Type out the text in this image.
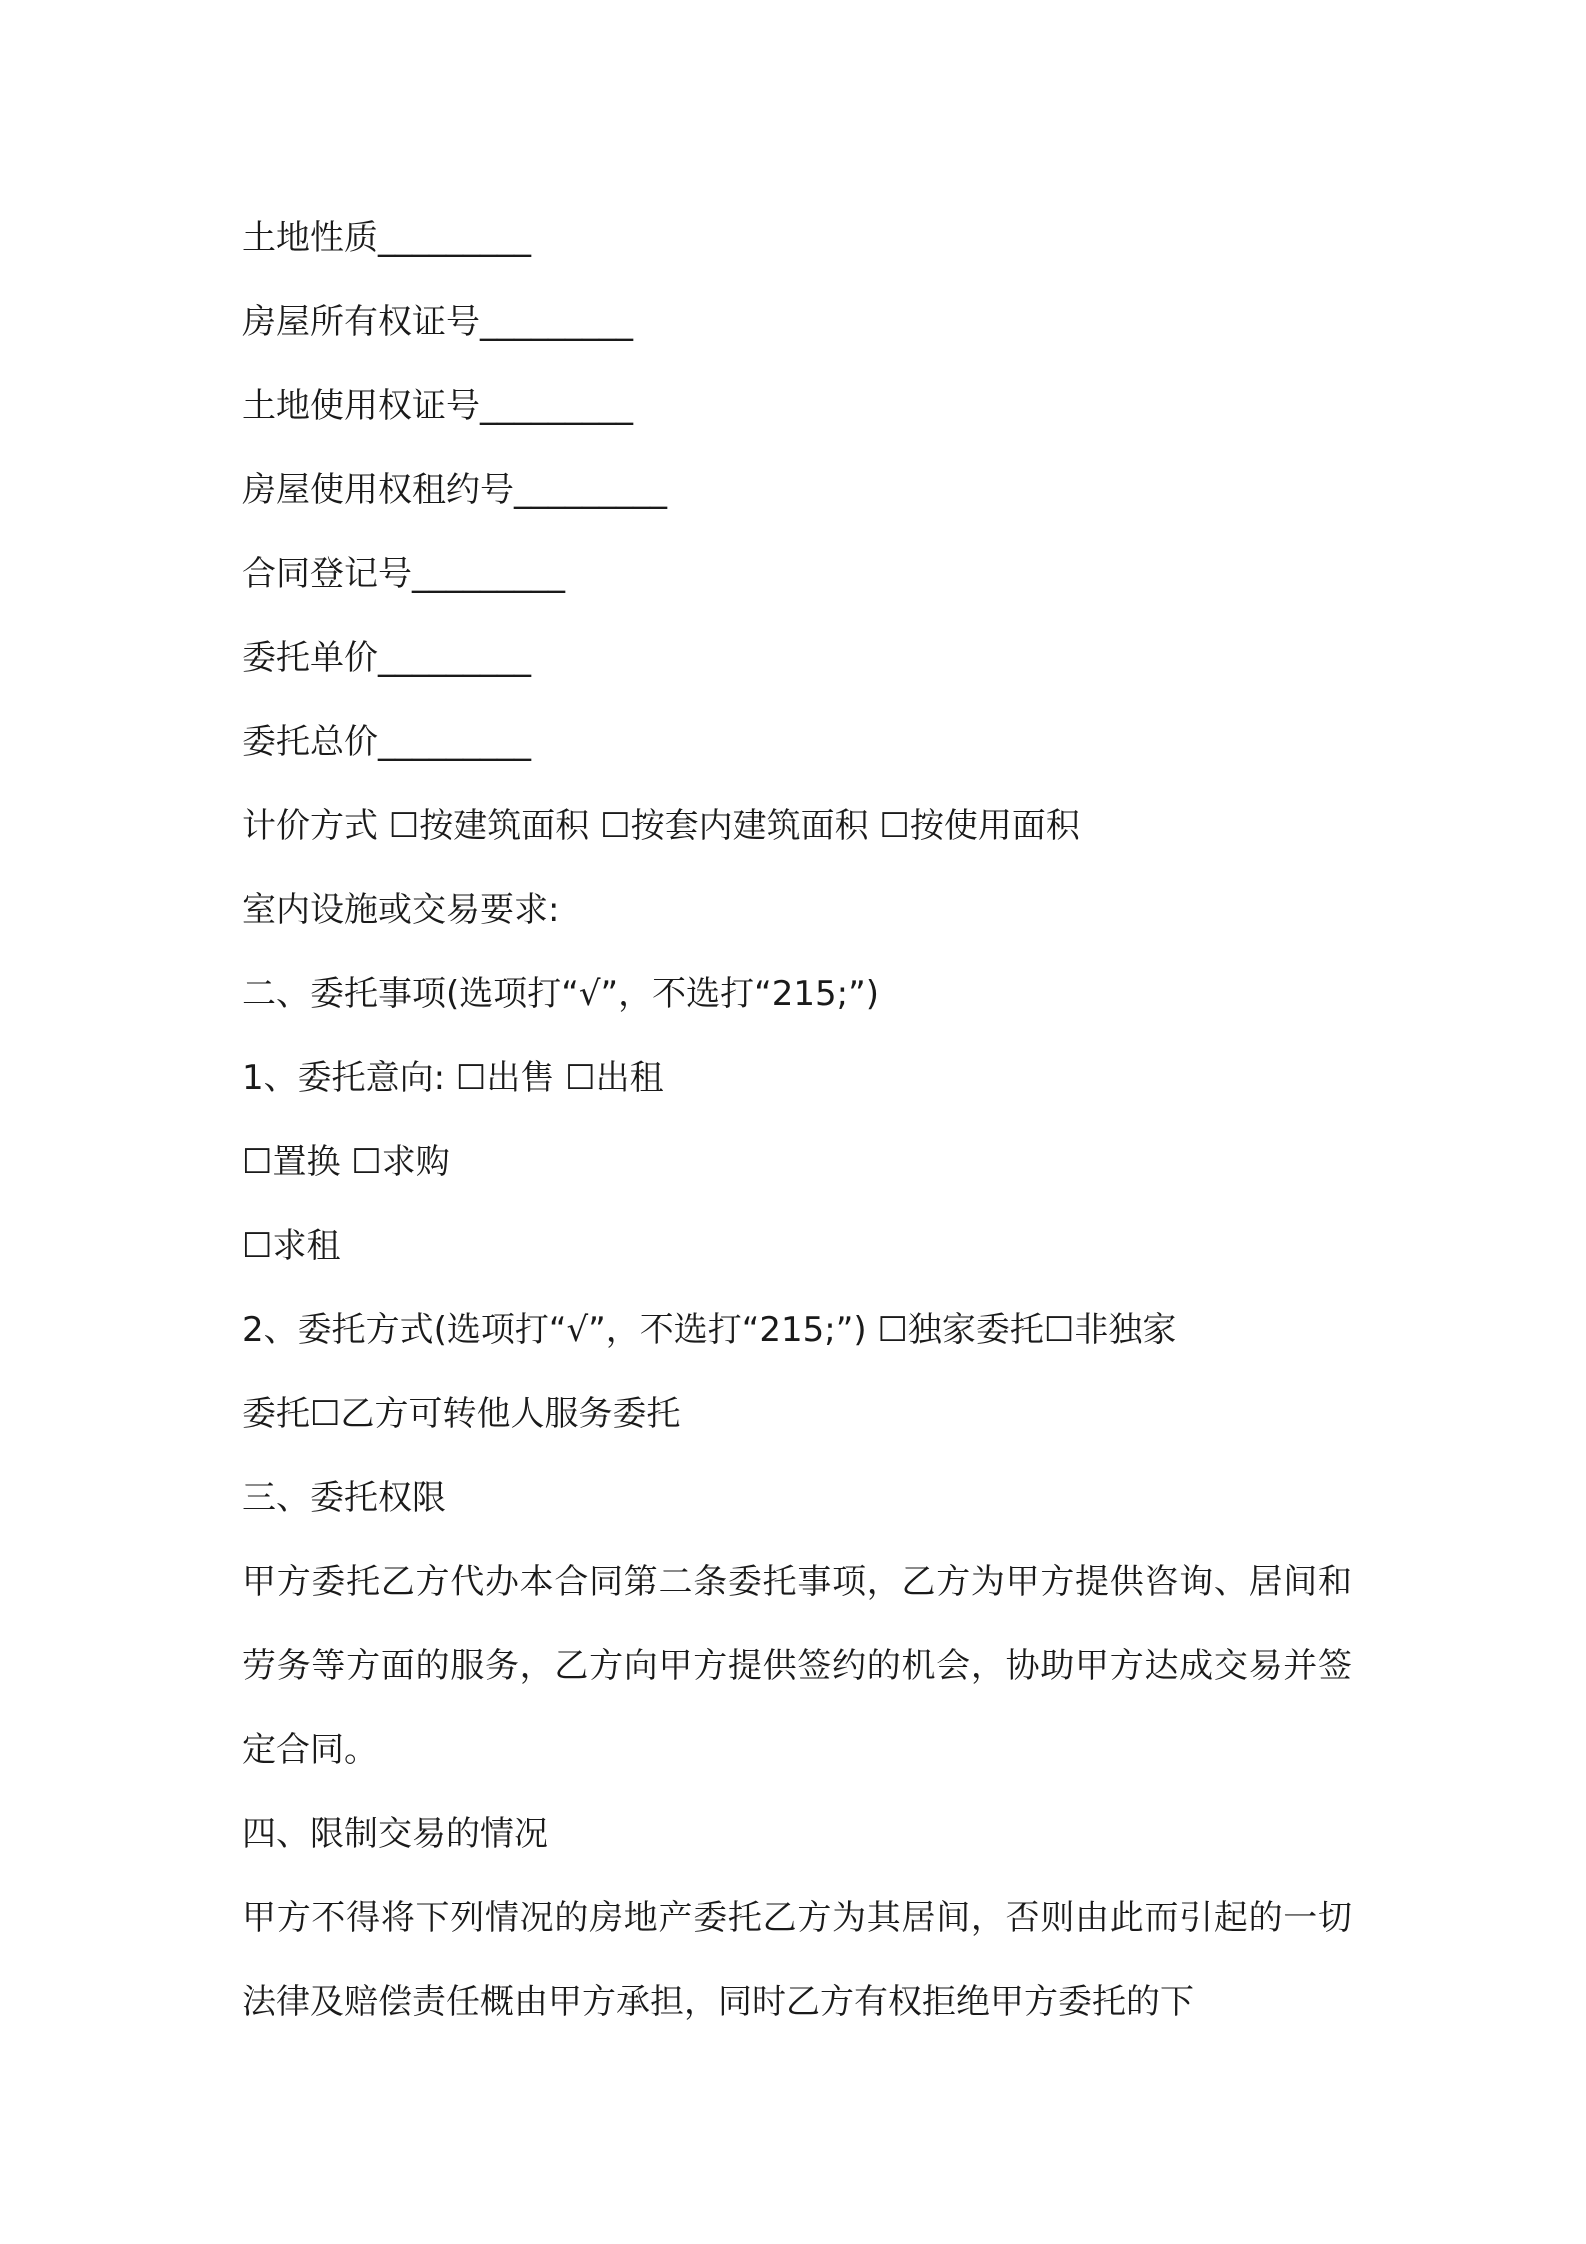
土地性质_________
房屋所有权证号_________
土地使用权证号_________
房屋使用权租约号_________
合同登记号_________
委托单价_________
委托总价_________
计价方式 ☐按建筑面积 ☐按套内建筑面积 ☐按使用面积
室内设施或交易要求:
二、委托事项(选项打“√”，不选打“215;”)
1、委托意向: ☐出售 ☐出租
☐置换 ☐求购
☐求租
2、委托方式(选项打“√”，不选打“215;”) ☐独家委托☐非独家
委托☐乙方可转他人服务委托
三、委托权限
甲方委托乙方代办本合同第二条委托事项，乙方为甲方提供咨询、居间和劳务等方面的服务，乙方向甲方提供签约的机会，协助甲方达成交易并签定合同。
四、限制交易的情况
甲方不得将下列情况的房地产委托乙方为其居间，否则由此而引起的一切法律及赔偿责任概由甲方承担，同时乙方有权拒绝甲方委托的下
